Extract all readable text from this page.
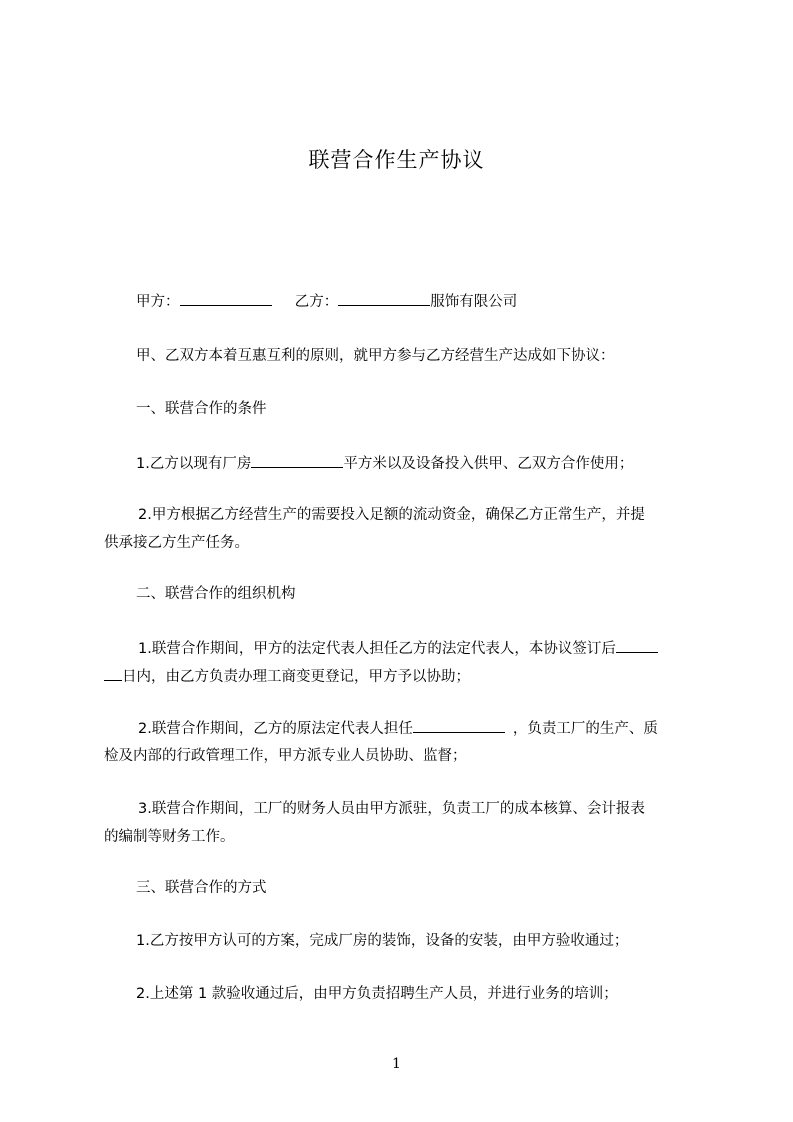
联营合作生产协议
甲方：	乙方：	服饰有限公司
甲、乙双方本着互惠互利的原则，就甲方参与乙方经营生产达成如下协议：
一、联营合作的条件
1.乙方以现有厂房	平方米以及设备投入供甲、乙双方合作使用；
2.甲方根据乙方经营生产的需要投入足额的流动资金，确保乙方正常生产，并提
供承接乙方生产任务。
二、联营合作的组织机构
1.联营合作期间，甲方的法定代表人担任乙方的法定代表人，本协议签订后
日内，由乙方负责办理工商变更登记，甲方予以协助；
2.联营合作期间，乙方的原法定代表人担任	，负责工厂的生产、质
检及内部的行政管理工作，甲方派专业人员协助、监督；
3.联营合作期间，工厂的财务人员由甲方派驻，负责工厂的成本核算、会计报表
的编制等财务工作。
三、联营合作的方式
1.乙方按甲方认可的方案，完成厂房的装饰，设备的安装，由甲方验收通过；
2.上述第 1 款验收通过后，由甲方负责招聘生产人员，并进行业务的培训；
1
